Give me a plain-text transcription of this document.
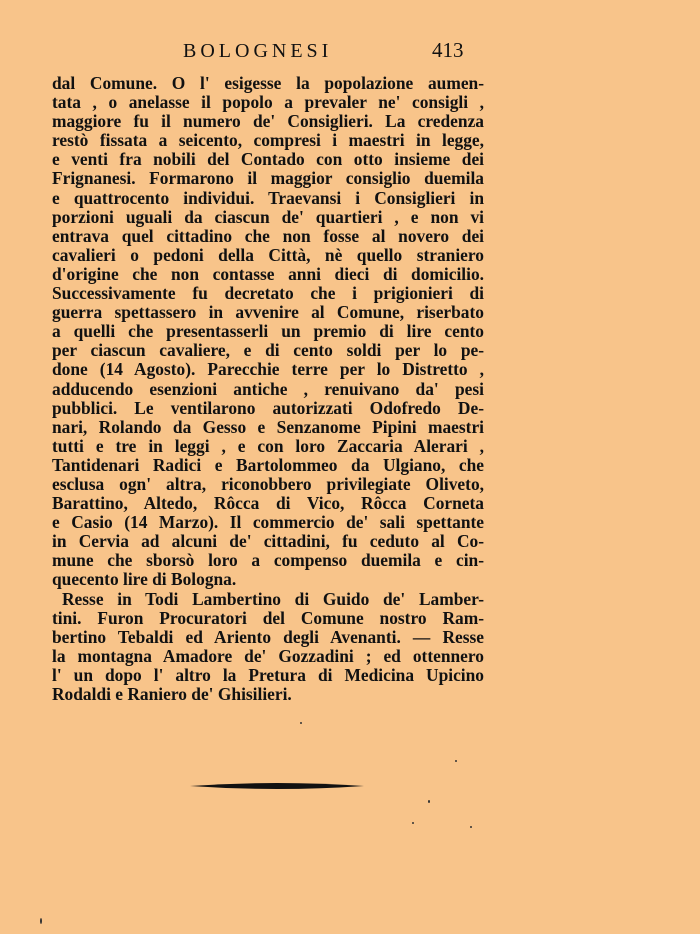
BOLOGNESI	413
dal Comune. O l' esigesse la popolazione aumen-
tata , o anelasse il popolo a prevaler ne' consigli ,
maggiore fu il numero de' Consiglieri. La credenza
restò fissata a seicento, compresi i maestri in legge,
e venti fra nobili del Contado con otto insieme dei
Frignanesi. Formarono il maggior consiglio duemila
e quattrocento individui. Traevansi i Consiglieri in
porzioni uguali da ciascun de' quartieri , e non vi
entrava quel cittadino che non fosse al novero dei
cavalieri o pedoni della Città, nè quello straniero
d'origine che non contasse anni dieci di domicilio.
Successivamente fu decretato che i prigionieri di
guerra spettassero in avvenire al Comune, riserbato
a quelli che presentasserli un premio di lire cento
per ciascun cavaliere, e di cento soldi per lo pe-
done (14 Agosto). Parecchie terre per lo Distretto ,
adducendo esenzioni antiche , renuivano da' pesi
pubblici. Le ventilarono autorizzati Odofredo De-
nari, Rolando da Gesso e Senzanome Pipini maestri
tutti e tre in leggi , e con loro Zaccaria Alerari ,
Tantidenari Radici e Bartolommeo da Ulgiano, che
esclusa ogn' altra, riconobbero privilegiate Oliveto,
Barattino, Altedo, Rôcca di Vico, Rôcca Corneta
e Casio (14 Marzo). Il commercio de' sali spettante
in Cervia ad alcuni de' cittadini, fu ceduto al Co-
mune che sborsò loro a compenso duemila e cin-
quecento lire di Bologna.
Resse in Todi Lambertino di Guido de' Lamber-
tini. Furon Procuratori del Comune nostro Ram-
bertino Tebaldi ed Ariento degli Avenanti. — Resse
la montagna Amadore de' Gozzadini ; ed ottennero
l' un dopo l' altro la Pretura di Medicina Upicino
Rodaldi e Raniero de' Ghisilieri.
